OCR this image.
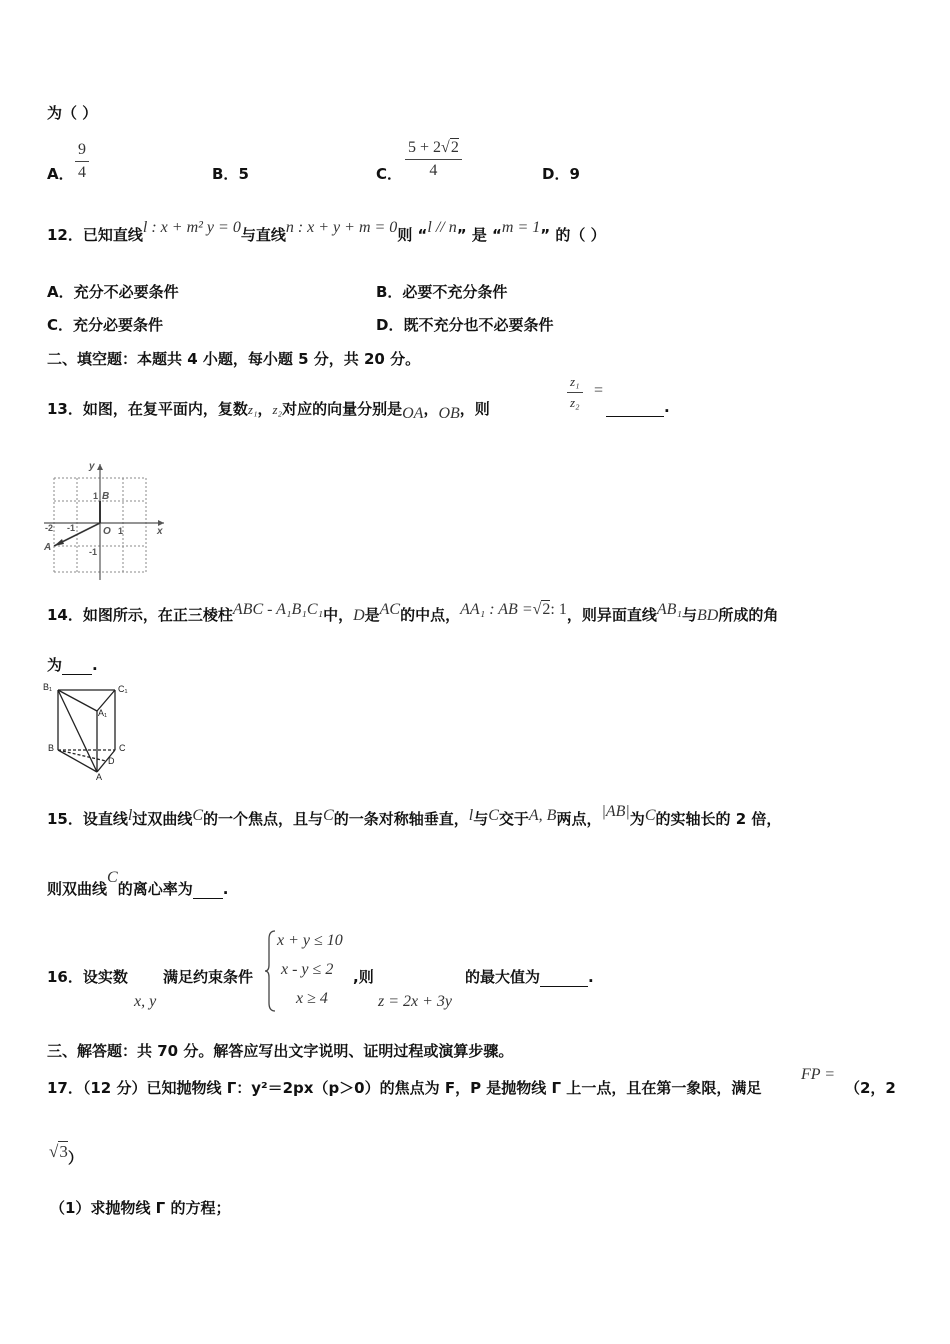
为（ ）
A． $\frac{9}{4}$	B．5	C． $\frac{5 + 2√2}{4}$	D．9
12．已知直线l : x + m² y = 0与直线n : x + y + m = 0则 “l // n” 是 “m = 1” 的（ ）
A．充分不必要条件	B．必要不充分条件
C．充分必要条件	D．既不充分也不必要条件
二、填空题：本题共 4 小题，每小题 5 分，共 20 分。
13．如图，在复平面内，复数z₁，z₂对应的向量分别是OA，OB，则	$\frac{\text{z₁}}{\text{z₂}}$ =
.
y
x
O
B
A
1
1
-1
-2
-1
14．如图所示，在正三棱柱ABC - A₁B₁C₁中，D是AC的中点，AA₁ : AB =√2: 1，则异面直线AB₁与BD所成的角
为 .
B₁	C₁
A₁
B	C
D
A
15．设直线l过双曲线C的一个焦点，且与C的一条对称轴垂直，l与C交于A, B两点，|AB|为C的实轴长的 2 倍，
则双曲线C的离心率为 .
16．设实数 满足约束条件
x, y
x + y ≤ 10
x - y ≤ 2
x ≥ 4
,则
z = 2x + 3y
的最大值为	.
三、解答题：共 70 分。解答应写出文字说明、证明过程或演算步骤。
17．（12 分）已知抛物线 Γ：y²＝2px（p＞0）的焦点为 F，P 是抛物线 Γ 上一点，且在第一象限，满足
FP =
（2，2
√3）
（1）求抛物线 Γ 的方程；
